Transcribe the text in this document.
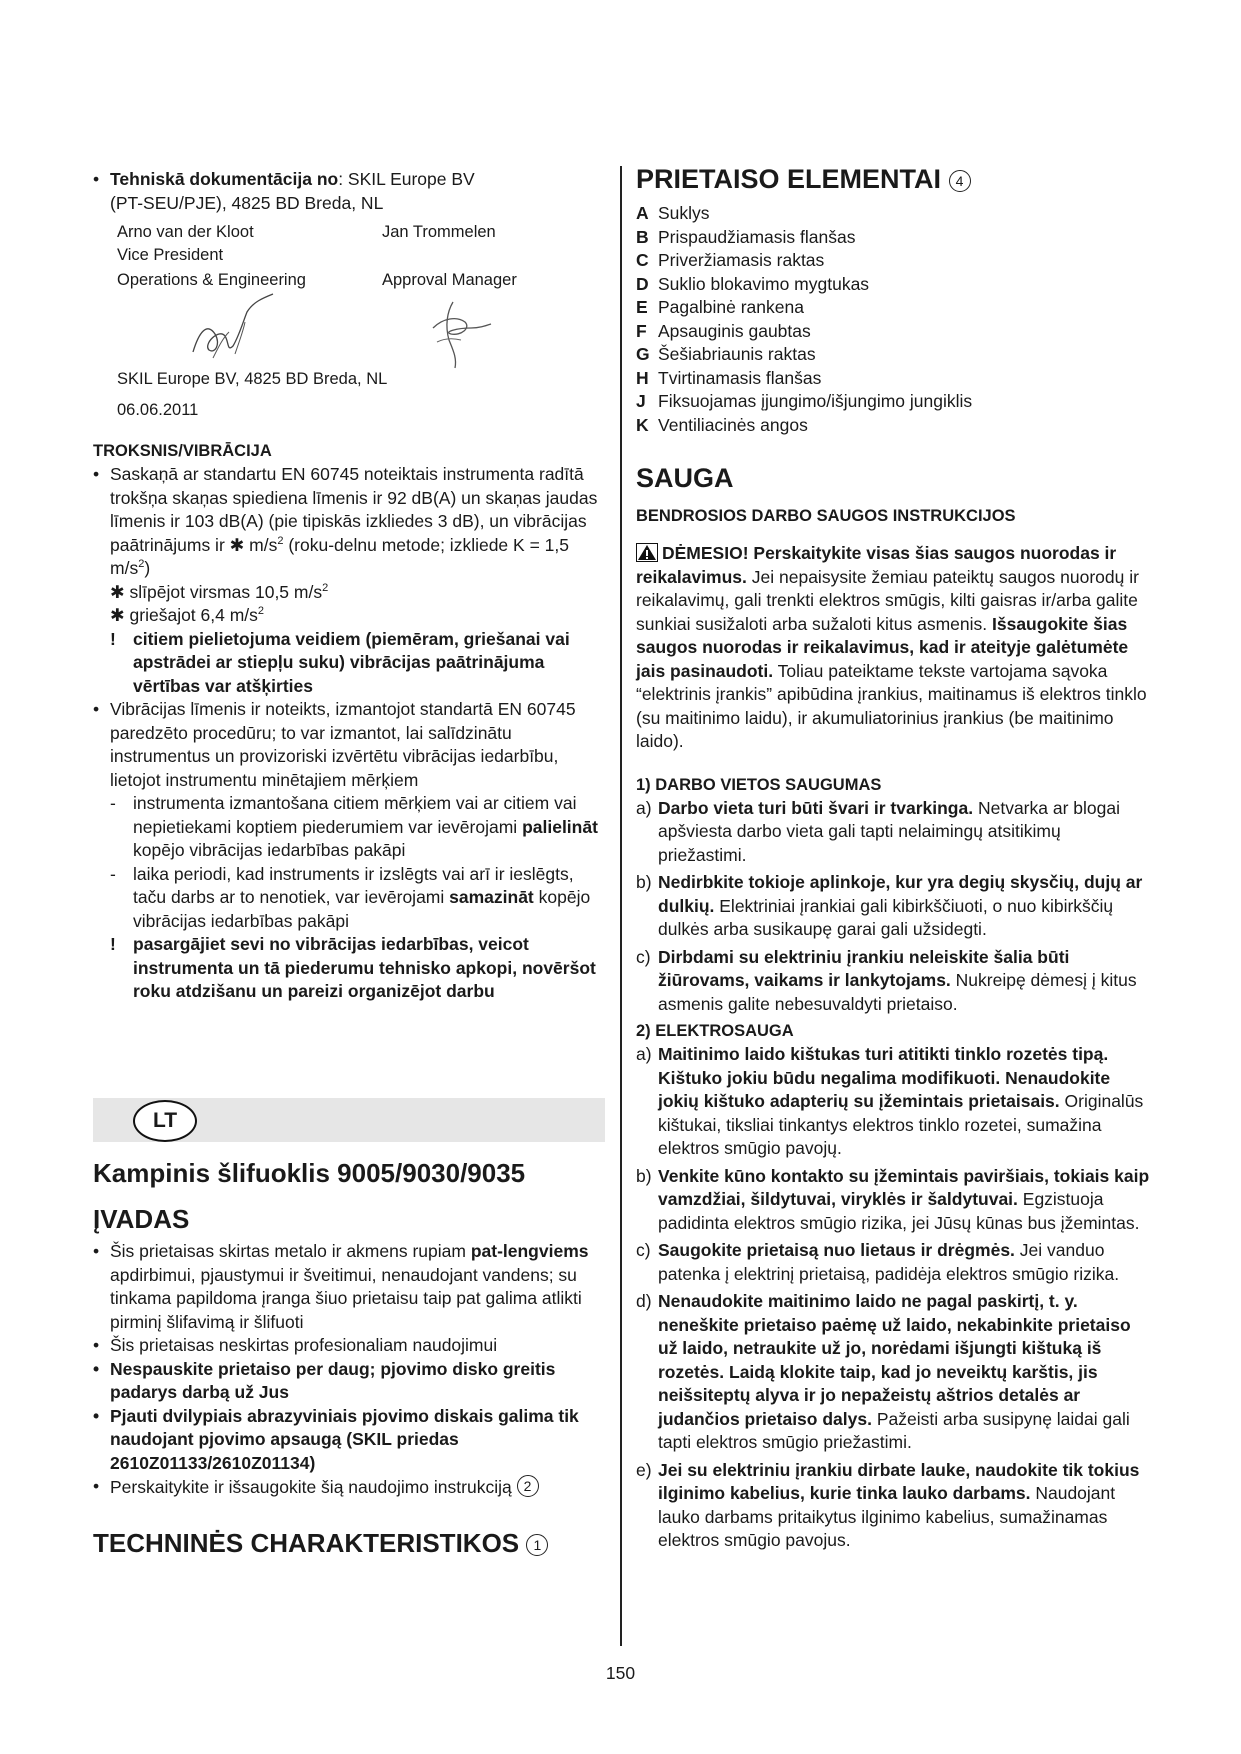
• Tehniskā dokumentācija no: SKIL Europe BV
(PT-SEU/PJE), 4825 BD Breda, NL
Arno van der Kloot
Vice President
Operations & Engineering
Jan Trommelen

Approval Manager
SKIL Europe BV, 4825 BD Breda, NL
06.06.2011
TROKSNIS/VIBRĀCIJA
• Saskaņā ar standartu EN 60745 noteiktais instrumenta radītā trokšņa skaņas spiediena līmenis ir 92 dB(A) un skaņas jaudas līmenis ir 103 dB(A) (pie tipiskās izkliedes 3 dB), un vibrācijas paātrinājums ir ✱ $m/s^2$ (roku-delnu metode; izkliede K = 1,5 $m/s^2$)
✱ slīpējot virsmas 10,5 $m/s^2$
✱ griešajot 6,4 $m/s^2$
! citiem pielietojuma veidiem (piemēram, griešanai vai apstrādei ar stiepļu suku) vibrācijas paātrinājuma vērtības var atšķirties
• Vibrācijas līmenis ir noteikts, izmantojot standartā EN 60745 paredzēto procedūru; to var izmantot, lai salīdzinātu instrumentus un provizoriski izvērtētu vibrācijas iedarbību, lietojot instrumentu minētajiem mērķiem
- instrumenta izmantošana citiem mērķiem vai ar citiem vai nepietiekami koptiem piederumiem var ievērojami palielināt kopējo vibrācijas iedarbības pakāpi
- laika periodi, kad instruments ir izslēgts vai arī ir ieslēgts, taču darbs ar to nenotiek, var ievērojami samazināt kopējo vibrācijas iedarbības pakāpi
! pasargājiet sevi no vibrācijas iedarbības, veicot instrumenta un tā piederumu tehnisko apkopi, novēršot roku atdzišanu un pareizi organizējot darbu
LT
Kampinis šlifuoklis 9005/9030/9035
ĮVADAS
• Šis prietaisas skirtas metalo ir akmens rupiam pat-lengviems apdirbimui, pjaustymui ir šveitimui, nenaudojant vandens; su tinkama papildoma įranga šiuo prietaisu taip pat galima atlikti pirminį šlifavimą ir šlifuoti
• Šis prietaisas neskirtas profesionaliam naudojimui
• Nespauskite prietaiso per daug; pjovimo disko greitis padarys darbą už Jus
• Pjauti dvilypiais abrazyviniais pjovimo diskais galima tik naudojant pjovimo apsaugą (SKIL priedas 2610Z01133/2610Z01134)
• Perskaitykite ir išsaugokite šią naudojimo instrukciją 2
TECHNINĖS CHARAKTERISTIKOS 1
PRIETAISO ELEMENTAI 4
A Suklys
B Prispaudžiamasis flanšas
C Priveržiamasis raktas
D Suklio blokavimo mygtukas
E Pagalbinė rankena
F Apsauginis gaubtas
G Šešiabriaunis raktas
H Tvirtinamasis flanšas
J Fiksuojamas įjungimo/išjungimo jungiklis
K Ventiliacinės angos
SAUGA
BENDROSIOS DARBO SAUGOS INSTRUKCIJOS
DĖMESIO! Perskaitykite visas šias saugos nuorodas ir reikalavimus. Jei nepaisysite žemiau pateiktų saugos nuorodų ir reikalavimų, gali trenkti elektros smūgis, kilti gaisras ir/arba galite sunkiai susižaloti arba sužaloti kitus asmenis. Išsaugokite šias saugos nuorodas ir reikalavimus, kad ir ateityje galėtumėte jais pasinaudoti. Toliau pateiktame tekste vartojama sąvoka “elektrinis įrankis” apibūdina įrankius, maitinamus iš elektros tinklo (su maitinimo laidu), ir akumuliatorinius įrankius (be maitinimo laido).
1) DARBO VIETOS SAUGUMAS
a) Darbo vieta turi būti švari ir tvarkinga. Netvarka ar blogai apšviesta darbo vieta gali tapti nelaimingų atsitikimų priežastimi.
b) Nedirbkite tokioje aplinkoje, kur yra degių skysčių, dujų ar dulkių. Elektriniai įrankiai gali kibirkščiuoti, o nuo kibirkščių dulkės arba susikaupę garai gali užsidegti.
c) Dirbdami su elektriniu įrankiu neleiskite šalia būti žiūrovams, vaikams ir lankytojams. Nukreipę dėmesį į kitus asmenis galite nebesuvaldyti prietaiso.
2) ELEKTROSAUGA
a) Maitinimo laido kištukas turi atitikti tinklo rozetės tipą. Kištuko jokiu būdu negalima modifikuoti. Nenaudokite jokių kištuko adapterių su įžemintais prietaisais. Originalūs kištukai, tiksliai tinkantys elektros tinklo rozetei, sumažina elektros smūgio pavojų.
b) Venkite kūno kontakto su įžemintais paviršiais, tokiais kaip vamzdžiai, šildytuvai, viryklės ir šaldytuvai. Egzistuoja padidinta elektros smūgio rizika, jei Jūsų kūnas bus įžemintas.
c) Saugokite prietaisą nuo lietaus ir drėgmės. Jei vanduo patenka į elektrinį prietaisą, padidėja elektros smūgio rizika.
d) Nenaudokite maitinimo laido ne pagal paskirtį, t. y. neneškite prietaiso paėmę už laido, nekabinkite prietaiso už laido, netraukite už jo, norėdami išjungti kištuką iš rozetės. Laidą klokite taip, kad jo neveiktų karštis, jis neišsiteptų alyva ir jo nepažeistų aštrios detalės ar judančios prietaiso dalys. Pažeisti arba susipynę laidai gali tapti elektros smūgio priežastimi.
e) Jei su elektriniu įrankiu dirbate lauke, naudokite tik tokius ilginimo kabelius, kurie tinka lauko darbams. Naudojant lauko darbams pritaikytus ilginimo kabelius, sumažinamas elektros smūgio pavojus.
150
